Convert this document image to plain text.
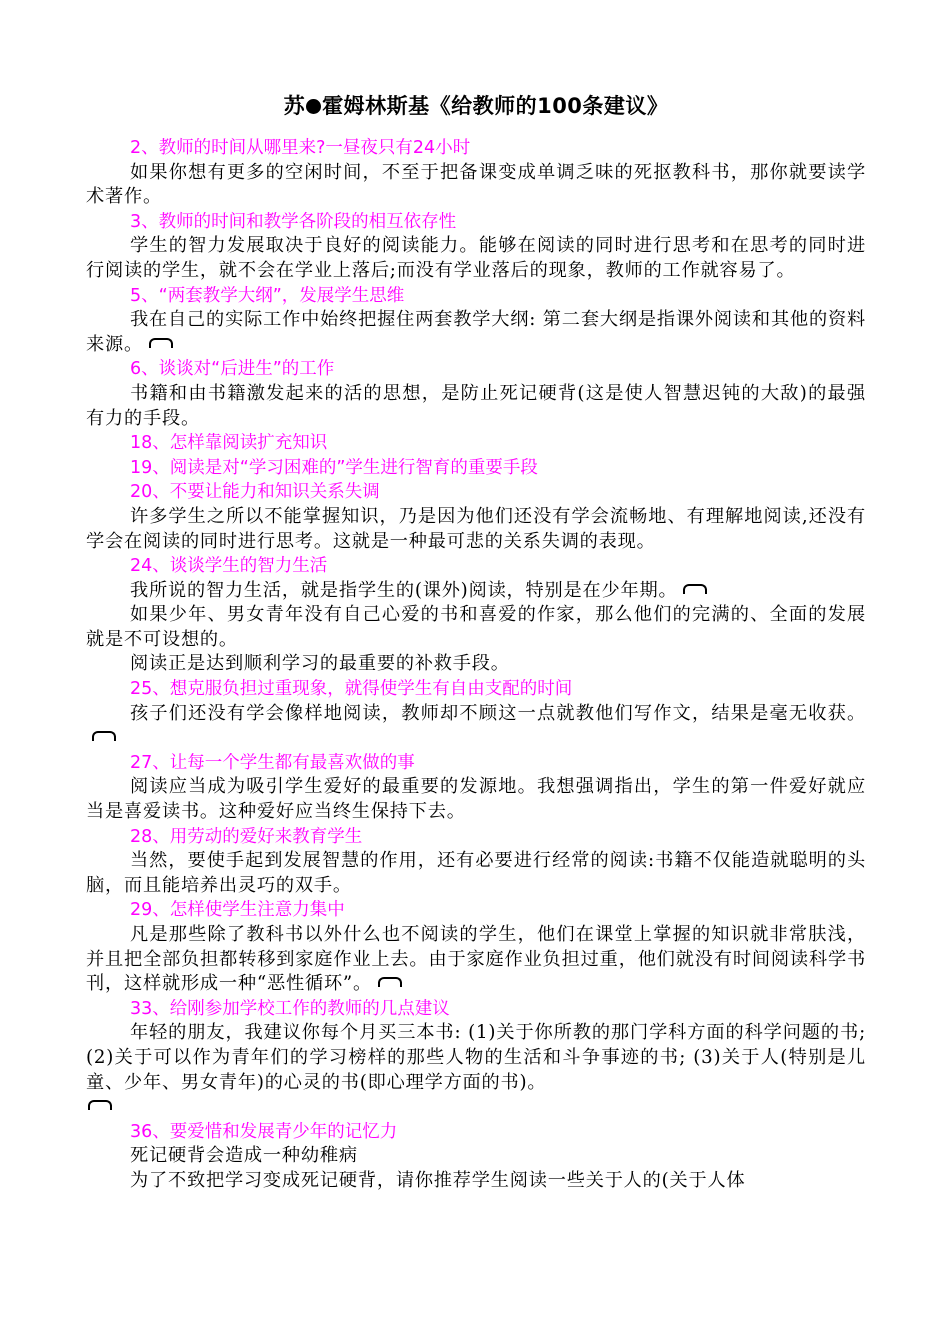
苏 霍姆林斯基《给教师的100条建议》
2、教师的时间从哪里来?一昼夜只有24小时
如果你想有更多的空闲时间，不至于把备课变成单调乏味的死抠教科书，那你就要读学术著作。
3、教师的时间和教学各阶段的相互依存性
学生的智力发展取决于良好的阅读能力。能够在阅读的同时进行思考和在思考的同时进行阅读的学生，就不会在学业上落后;而没有学业落后的现象，教师的工作就容易了。
5、“两套教学大纲”，发展学生思维
我在自己的实际工作中始终把握住两套教学大纲: 第二套大纲是指课外阅读和其他的资料来源。
6、谈谈对“后进生”的工作
书籍和由书籍激发起来的活的思想，是防止死记硬背(这是使人智慧迟钝的大敌)的最强有力的手段。
18、怎样靠阅读扩充知识
19、阅读是对“学习困难的”学生进行智育的重要手段
20、不要让能力和知识关系失调
许多学生之所以不能掌握知识，乃是因为他们还没有学会流畅地、有理解地阅读,还没有学会在阅读的同时进行思考。这就是一种最可悲的关系失调的表现。
24、谈谈学生的智力生活
我所说的智力生活，就是指学生的(课外)阅读，特别是在少年期。
如果少年、男女青年没有自己心爱的书和喜爱的作家，那么他们的完满的、全面的发展就是不可设想的。
阅读正是达到顺利学习的最重要的补救手段。
25、想克服负担过重现象，就得使学生有自由支配的时间
孩子们还没有学会像样地阅读，教师却不顾这一点就教他们写作文，结果是毫无收获。
27、让每一个学生都有最喜欢做的事
阅读应当成为吸引学生爱好的最重要的发源地。我想强调指出，学生的第一件爱好就应当是喜爱读书。这种爱好应当终生保持下去。
28、用劳动的爱好来教育学生
当然，要使手起到发展智慧的作用，还有必要进行经常的阅读:书籍不仅能造就聪明的头脑，而且能培养出灵巧的双手。
29、怎样使学生注意力集中
凡是那些除了教科书以外什么也不阅读的学生，他们在课堂上掌握的知识就非常肤浅，并且把全部负担都转移到家庭作业上去。由于家庭作业负担过重，他们就没有时间阅读科学书刊，这样就形成一种“恶性循环”。
33、给刚参加学校工作的教师的几点建议
年轻的朋友，我建议你每个月买三本书: (1)关于你所教的那门学科方面的科学问题的书; (2)关于可以作为青年们的学习榜样的那些人物的生活和斗争事迹的书; (3)关于人(特别是儿童、少年、男女青年)的心灵的书(即心理学方面的书)。
36、要爱惜和发展青少年的记忆力
死记硬背会造成一种幼稚病
为了不致把学习变成死记硬背，请你推荐学生阅读一些关于人的(关于人体
